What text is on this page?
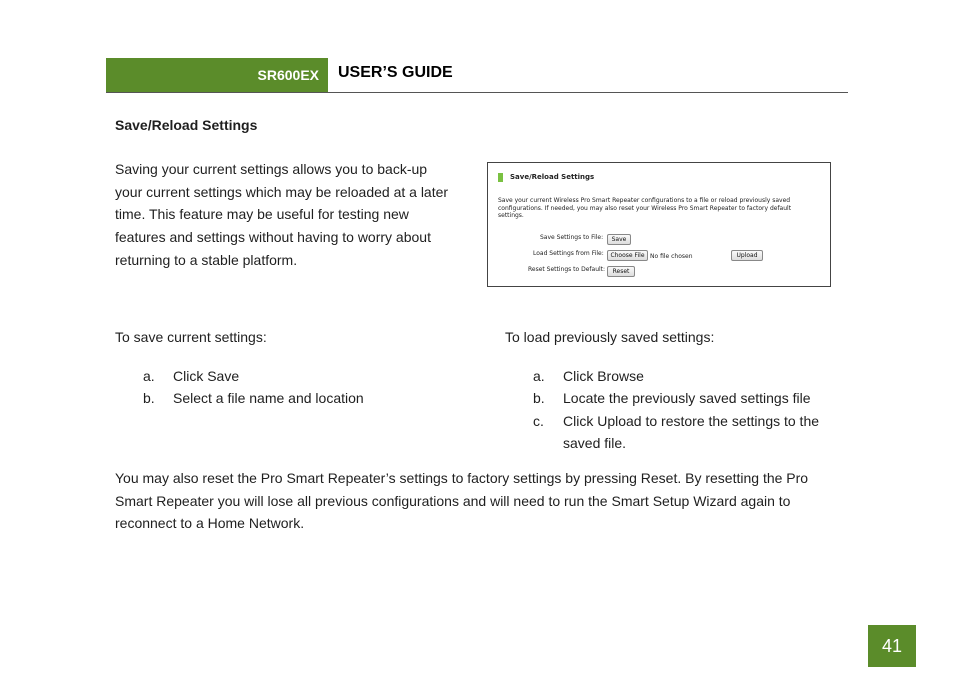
SR600EX	USER’S GUIDE
Save/Reload Settings
Saving your current settings allows you to back-up
your current settings which may be reloaded at a later
time. This feature may be useful for testing new
features and settings without having to worry about
returning to a stable platform.
Save/Reload Settings
Save your current Wireless Pro Smart Repeater configurations to a file or reload previously saved configurations. If needed, you may also reset your Wireless Pro Smart Repeater to factory default settings.
Save Settings to File:	Save
Load Settings from File:	Choose File No file chosen	Upload
Reset Settings to Default:	Reset
To save current settings:
a. Click Save
b. Select a file name and location
To load previously saved settings:
a. Click Browse
b. Locate the previously saved settings file
c. Click Upload to restore the settings to the
saved file.
You may also reset the Pro Smart Repeater’s settings to factory settings by pressing Reset. By resetting the Pro
Smart Repeater you will lose all previous configurations and will need to run the Smart Setup Wizard again to
reconnect to a Home Network.
41
